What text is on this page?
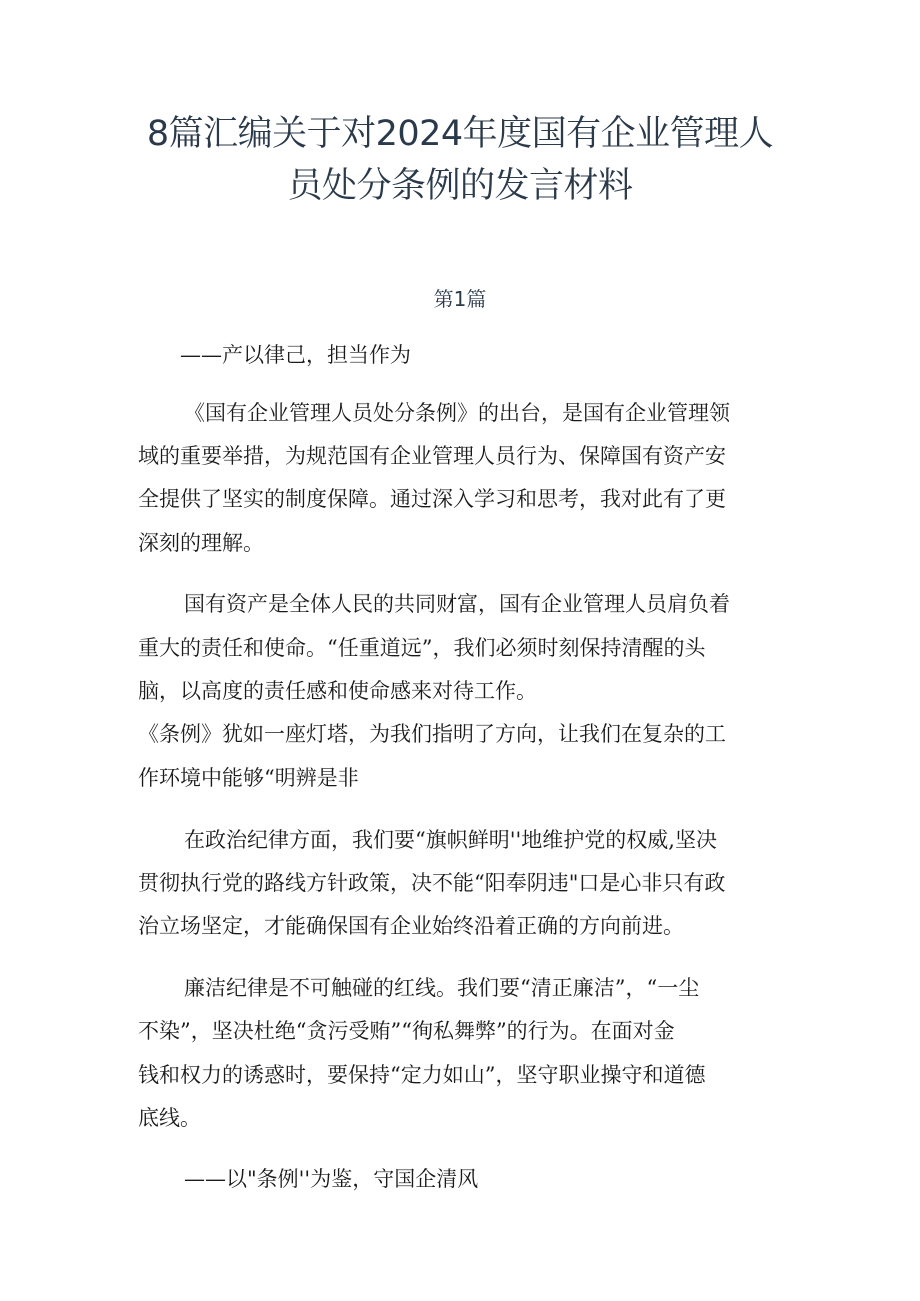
8篇汇编关于对2024年度国有企业管理人
员处分条例的发言材料
第1篇
——产以律己，担当作为
《国有企业管理人员处分条例》的出台，是国有企业管理领
域的重要举措，为规范国有企业管理人员行为、保障国有资产安
全提供了坚实的制度保障。通过深入学习和思考，我对此有了更
深刻的理解。
国有资产是全体人民的共同财富，国有企业管理人员肩负着
重大的责任和使命。“任重道远”，我们必须时刻保持清醒的头
脑，以高度的责任感和使命感来对待工作。
《条例》犹如一座灯塔，为我们指明了方向，让我们在复杂的工
作环境中能够“明辨是非
在政治纪律方面，我们要“旗帜鲜明''地维护党的权威,坚决
贯彻执行党的路线方针政策，决不能“阳奉阴违"口是心非只有政
治立场坚定，才能确保国有企业始终沿着正确的方向前进。
廉洁纪律是不可触碰的红线。我们要“清正廉洁”，“一尘
不染”，坚决杜绝“贪污受贿”“徇私舞弊”的行为。在面对金
钱和权力的诱惑时，要保持“定力如山”，坚守职业操守和道德
底线。
——以"条例''为鉴，守国企清风
